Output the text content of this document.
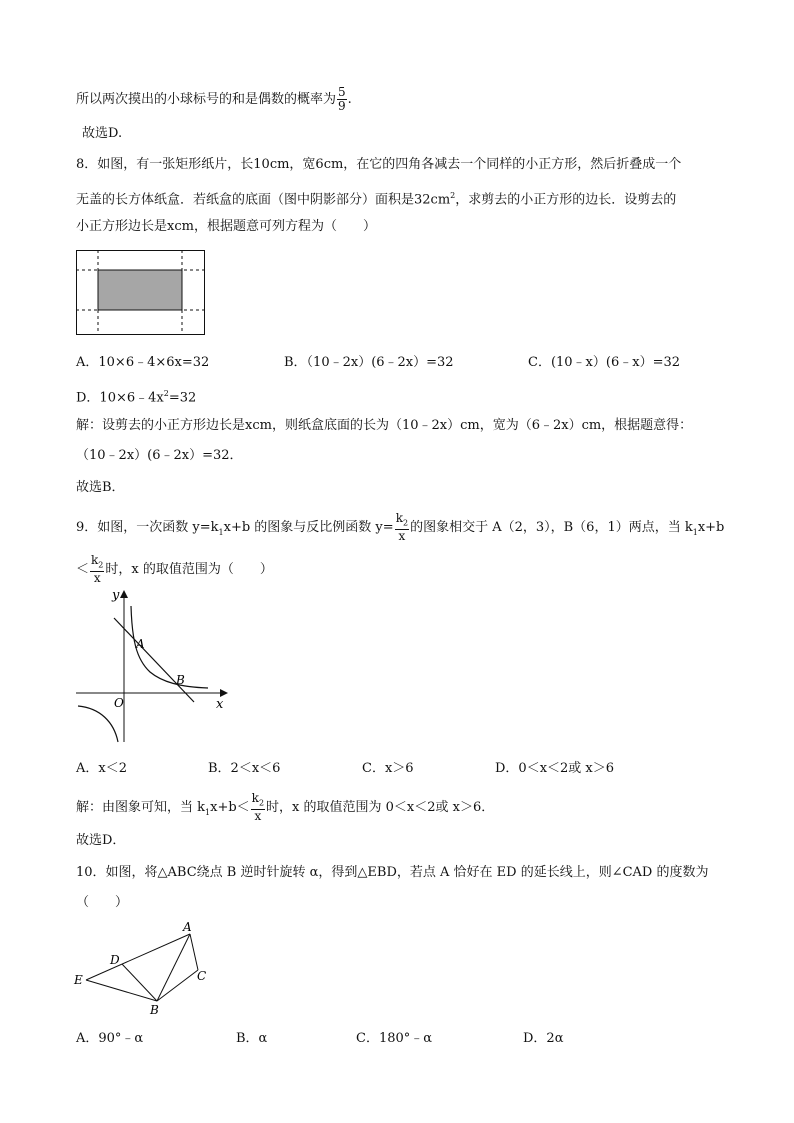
所以两次摸出的小球标号的和是偶数的概率为 $\frac{5}{9}$ .
故选D.
8．如图，有一张矩形纸片，长10cm，宽6cm，在它的四角各减去一个同样的小正方形，然后折叠成一个
无盖的长方体纸盒．若纸盒的底面（图中阴影部分）面积是$32cm^2$，求剪去的小正方形的边长．设剪去的
小正方形边长是xcm，根据题意可列方程为（　　）
A．10×6﹣4×6x=32	B．（10﹣2x）(6﹣2x）=32	C．(10﹣x）(6﹣x）=32
D．$10\times 6﹣4x^2=32$
解：设剪去的小正方形边长是xcm，则纸盒底面的长为（10﹣2x）cm，宽为（6﹣2x）cm，根据题意得：
（10﹣2x）(6﹣2x）=32．
故选B．
9．如图，一次函数 $y=k_1x+b$ 的图象与反比例函数 $y= \frac{k_2}{x}$ 的图象相交于 A（2，3），B（6，1）两点，当 $k_1x+b$
＜ $\frac{k_2}{x}$ 时，x 的取值范围为（　　）
y
x
O
A
B
A．x＜2	B．2＜x＜6	C．x＞6	D．0＜x＜2或 x＞6
解：由图象可知，当 $k_1x+b< \frac{k_2}{x}$ 时，x 的取值范围为 0＜x＜2或 x＞6．
故选D．
10．如图，将△ABC绕点 B 逆时针旋转 α，得到△EBD，若点 A 恰好在 ED 的延长线上，则∠CAD 的度数为
（　　）
A
B
C
D
E
A．90°﹣α	B．α	C．180°﹣α	D．2α
